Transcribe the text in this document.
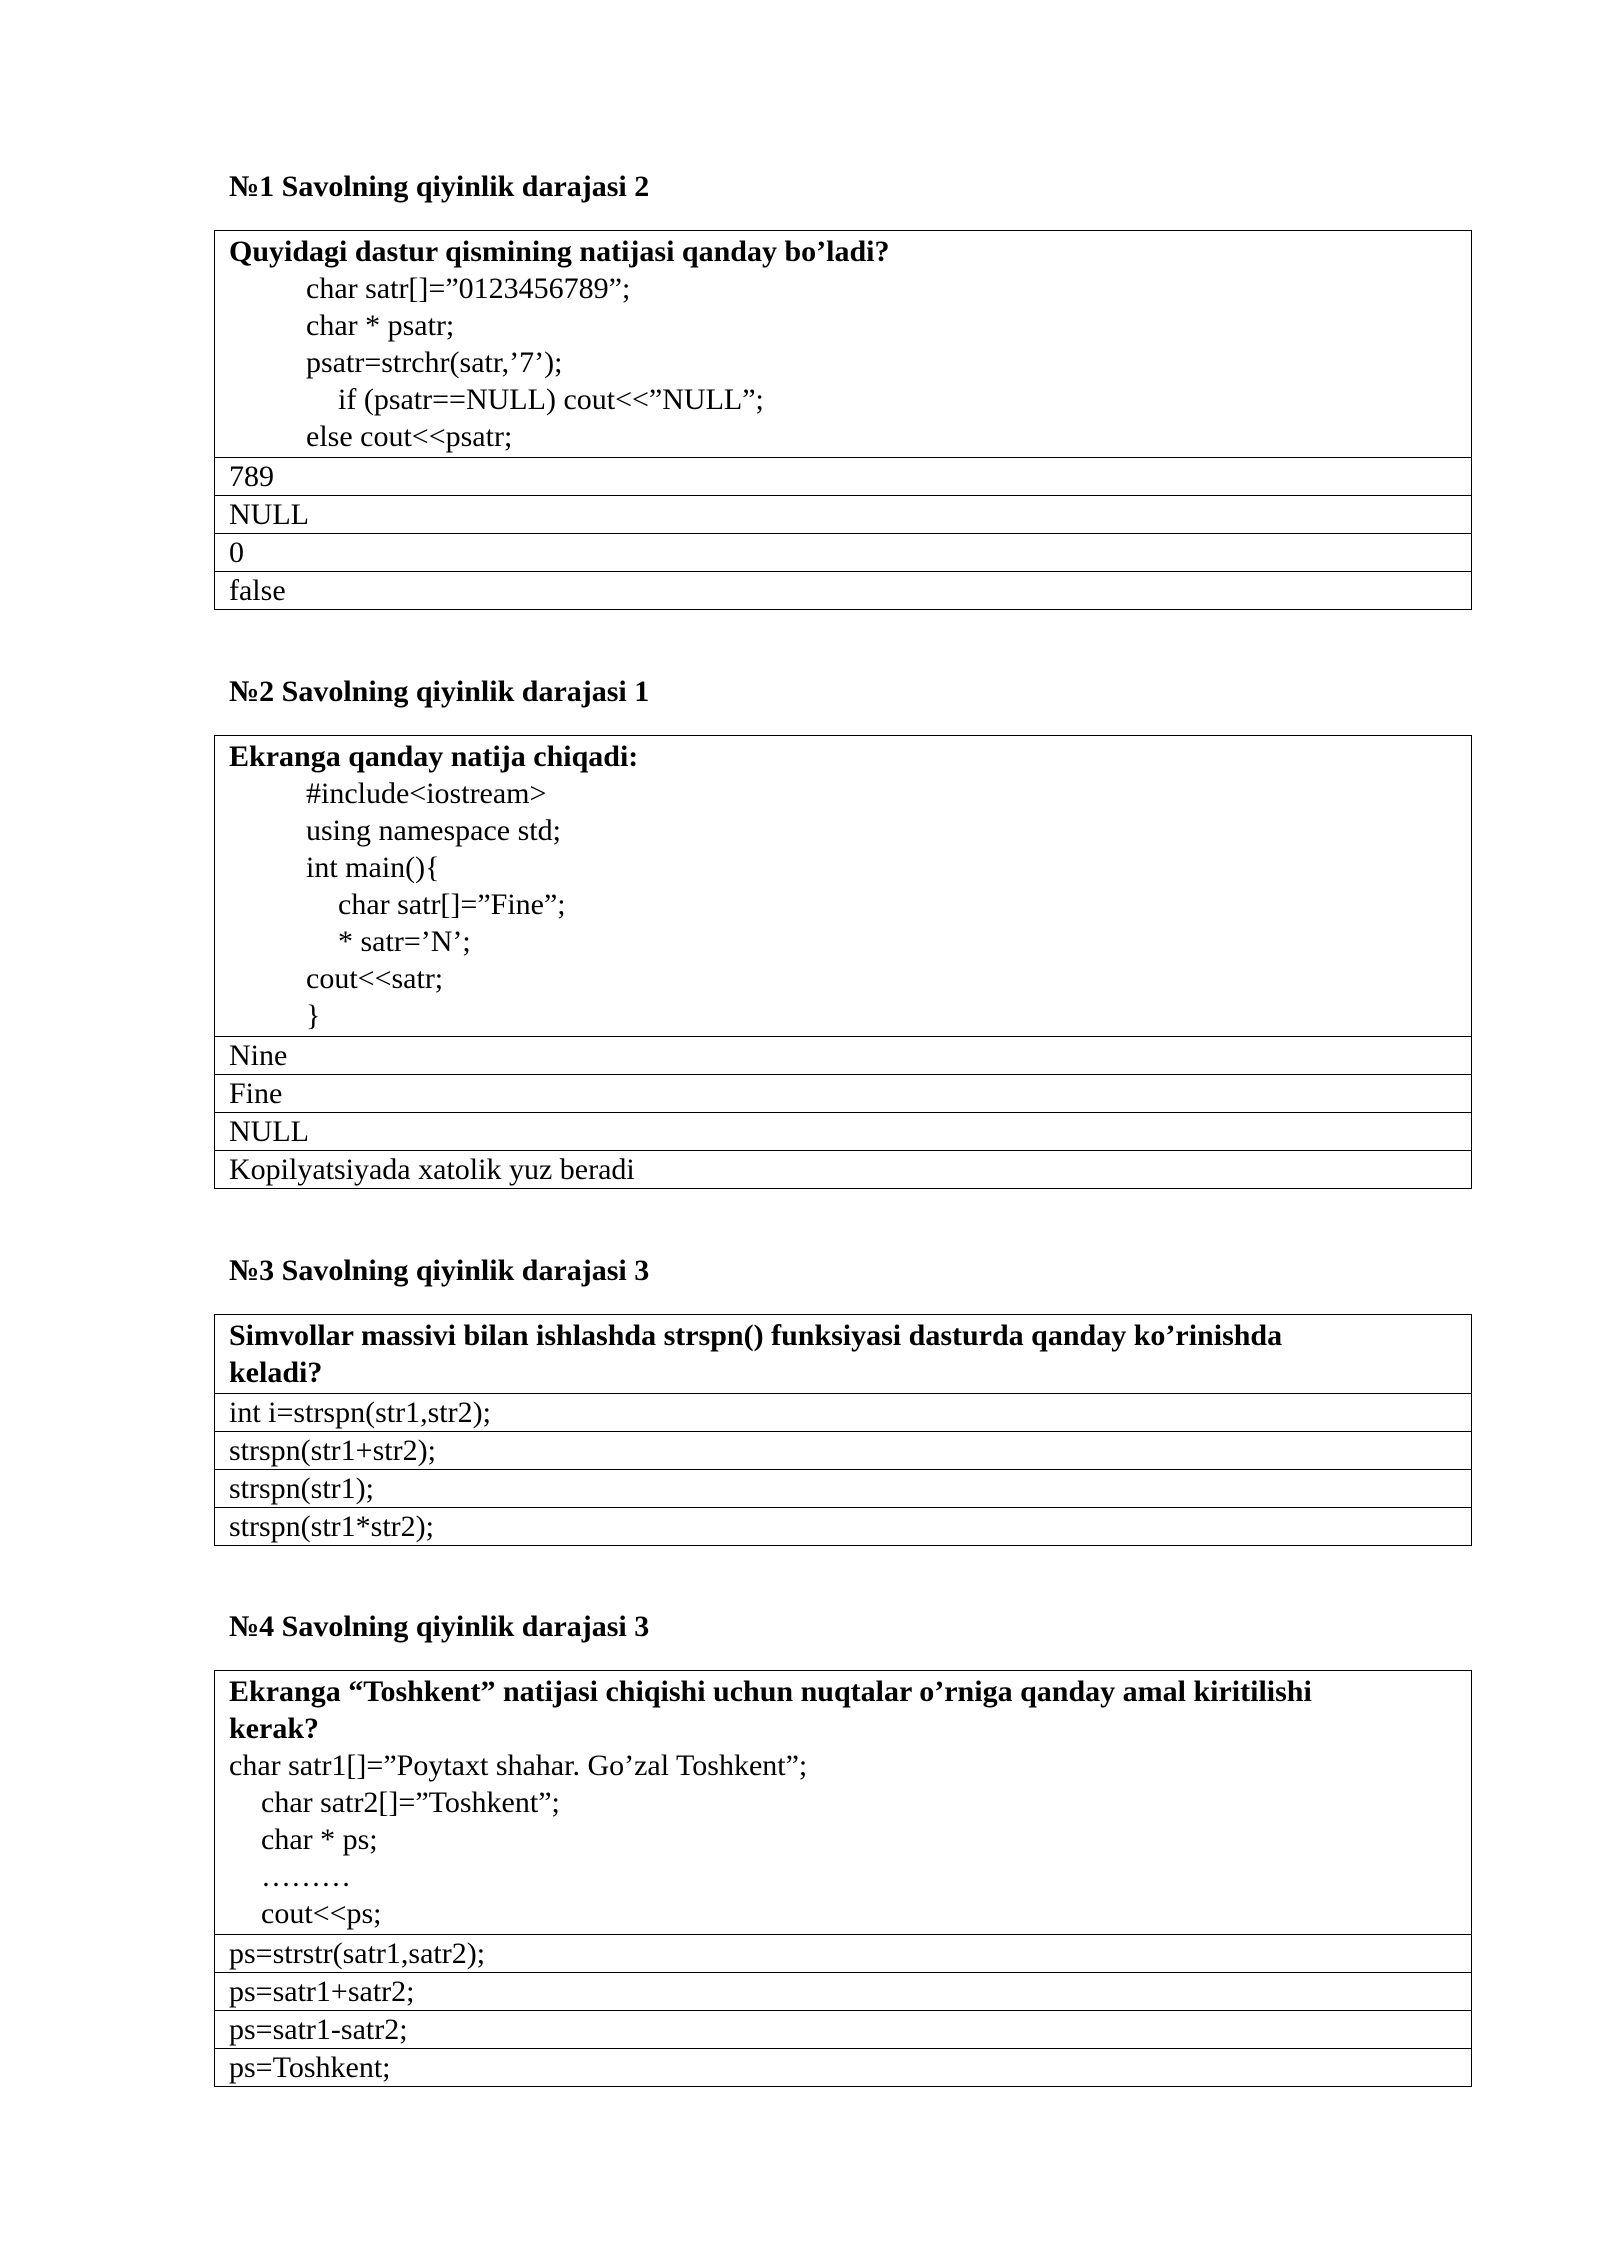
№1 Savolning qiyinlik darajasi 2
Quyidagi dastur qismining natijasi qanday bo’ladi?
char satr[]=”0123456789”;
char * psatr;
psatr=strchr(satr,’7’);
if (psatr==NULL) cout<<”NULL”;
else cout<<psatr;

789
NULL
0
false
№2 Savolning qiyinlik darajasi 1
Ekranga qanday natija chiqadi:
#include<iostream>
using namespace std;
int main(){
char satr[]=”Fine”;
* satr=’N’;
cout<<satr;
}

Nine
Fine
NULL
Kopilyatsiyada xatolik yuz beradi
№3 Savolning qiyinlik darajasi 3
Simvollar massivi bilan ishlashda strspn() funksiyasi dasturda qanday ko’rinishda
keladi?

int i=strspn(str1,str2);
strspn(str1+str2);
strspn(str1);
strspn(str1*str2);
№4 Savolning qiyinlik darajasi 3
Ekranga “Toshkent” natijasi chiqishi uchun nuqtalar o’rniga qanday amal kiritilishi
kerak?
char satr1[]=”Poytaxt shahar. Go’zal Toshkent”;
char satr2[]=”Toshkent”;
char * ps;
………
cout<<ps;

ps=strstr(satr1,satr2);
ps=satr1+satr2;
ps=satr1-satr2;
ps=Toshkent;
